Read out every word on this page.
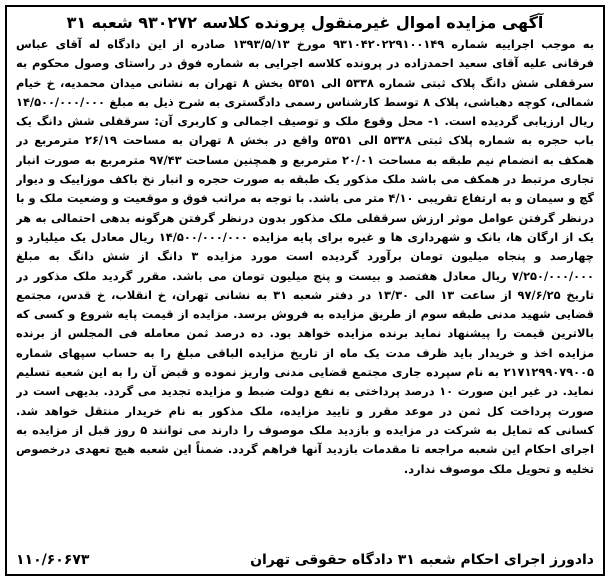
آگهی مزایده اموال غیرمنقول پرونده کلاسه ۹۳۰۲۷۲ شعبه ۳۱

به موجب اجراییه شماره ۹۳۱۰۴۲۰۲۲۹۱۰۰۱۴۹ مورخ ۱۳۹۳/۵/۱۳ صادره از این دادگاه له آقای عباس فرقانی علیه آقای سعید احمدزاده در پرونده کلاسه اجرایی به شماره فوق در راستای وصول محکوم به سرقفلی شش دانگ پلاک ثبتی شماره ۵۳۳۸ الی ۵۳۵۱ بخش ۸ تهران به نشانی میدان محمدیه، خ خیام شمالی، کوچه دهباشی، پلاک ۸ توسط کارشناس رسمی دادگستری به شرح ذیل به مبلغ ۱۴/۵۰۰/۰۰۰/۰۰۰ ریال ارزیابی گردیده است. ۱- محل وقوع ملک و توصیف اجمالی و کاربری آن: سرقفلی شش دانگ یک باب حجره به شماره پلاک ثبتی ۵۳۳۸ الی ۵۳۵۱ واقع در بخش ۸ تهران به مساحت ۲۶/۱۹ مترمربع در همکف به انضمام نیم طبقه به مساحت ۲۰/۰۱ مترمربع و همچنین مساحت ۹۷/۴۳ مترمربع به صورت انبار تجاری مرتبط در همکف می باشد ملک مذکور یک طبقه به صورت حجره و انبار نخ باکف موزاییک و دیوار گچ و سیمان و به ارتفاع تقریبی ۴/۱۰ متر می باشد. با توجه به مراتب فوق و موقعیت و وضعیت ملک و با درنظر گرفتن عوامل موثر ارزش سرقفلی ملک مذکور بدون درنظر گرفتن هرگونه بدهی احتمالی به هر یک از ارگان ها، بانک و شهرداری ها و غیره برای پایه مزایده ۱۴/۵۰۰/۰۰۰/۰۰۰ ریال معادل یک میلیارد و چهارصد و پنجاه میلیون تومان برآورد گردیده است مورد مزایده ۳ دانگ از شش دانگ به مبلغ ۷/۲۵۰/۰۰۰/۰۰۰ ریال معادل هفتصد و بیست و پنج میلیون تومان می باشد. مقرر گردید ملک مذکور در تاریخ ۹۷/۶/۲۵ از ساعت ۱۳ الی ۱۳/۳۰ در دفتر شعبه ۳۱ به نشانی تهران، خ انقلاب، خ قدس، مجتمع قضایی شهید مدنی طبقه سوم از طریق مزایده به فروش برسد. مزایده از قیمت پایه شروع و کسی که بالاترین قیمت را پیشنهاد نماید برنده مزایده خواهد بود. ده درصد ثمن معامله فی المجلس از برنده مزایده اخذ و خریدار باید ظرف مدت یک ماه از تاریخ مزایده الباقی مبلغ را به حساب سپهای شماره ۲۱۷۱۲۹۹۰۷۹۰۰۵ به نام سپرده جاری مجتمع قضایی مدنی واریز نموده و قبض آن را به این شعبه تسلیم نماید. در غیر این صورت ۱۰ درصد پرداختی به نفع دولت ضبط و مزایده تجدید می گردد. بدیهی است در صورت پرداخت کل ثمن در موعد مقرر و تایید مزایده، ملک مذکور به نام خریدار منتقل خواهد شد. کسانی که تمایل به شرکت در مزایده و بازدید ملک موصوف را دارند می توانند ۵ روز قبل از مزایده به اجرای احکام این شعبه مراجعه تا مقدمات بازدید آنها فراهم گردد. ضمناً این شعبه هیچ تعهدی درخصوص تخلیه و تحویل ملک موصوف ندارد.

دادورز اجرای احکام شعبه ۳۱ دادگاه حقوقی تهران
۱۱۰/۶۰۶۷۳
